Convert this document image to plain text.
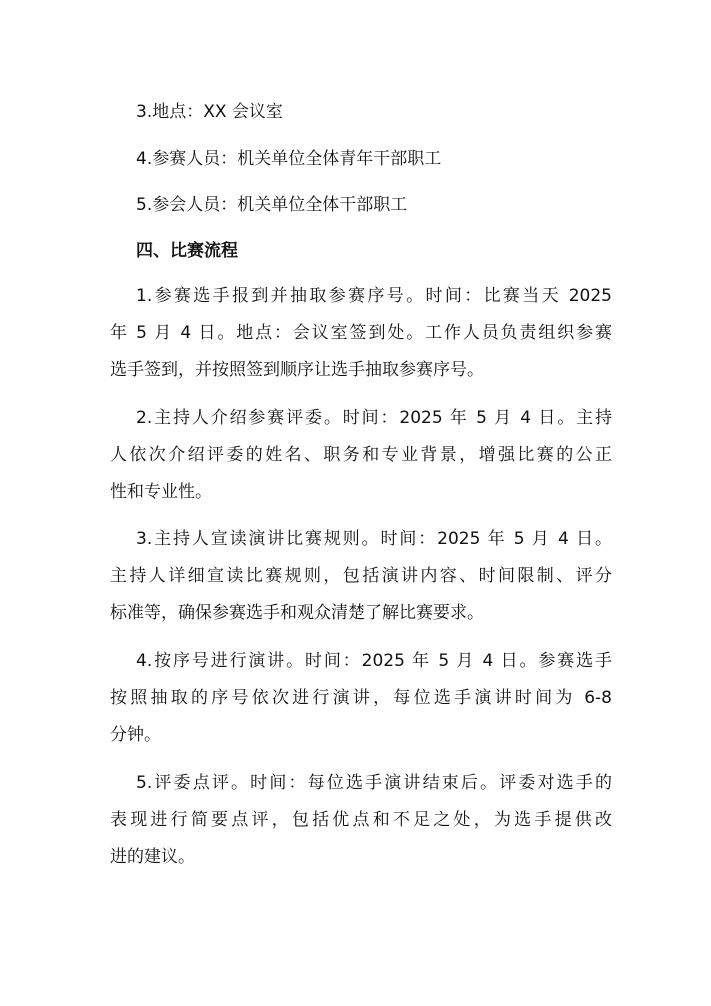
3.地点：XX 会议室

4.参赛人员：机关单位全体青年干部职工

5.参会人员：机关单位全体干部职工

四、比赛流程

1.参赛选手报到并抽取参赛序号。时间：比赛当天 2025
年 5 月 4 日。地点：会议室签到处。工作人员负责组织参赛
选手签到，并按照签到顺序让选手抽取参赛序号。
2.主持人介绍参赛评委。时间：2025 年 5 月 4 日。主持
人依次介绍评委的姓名、职务和专业背景，增强比赛的公正
性和专业性。
3.主持人宣读演讲比赛规则。时间：2025 年 5 月 4 日。
主持人详细宣读比赛规则，包括演讲内容、时间限制、评分
标准等，确保参赛选手和观众清楚了解比赛要求。
4.按序号进行演讲。时间：2025 年 5 月 4 日。参赛选手
按照抽取的序号依次进行演讲，每位选手演讲时间为 6-8
分钟。
5.评委点评。时间：每位选手演讲结束后。评委对选手的
表现进行简要点评，包括优点和不足之处，为选手提供改
进的建议。
